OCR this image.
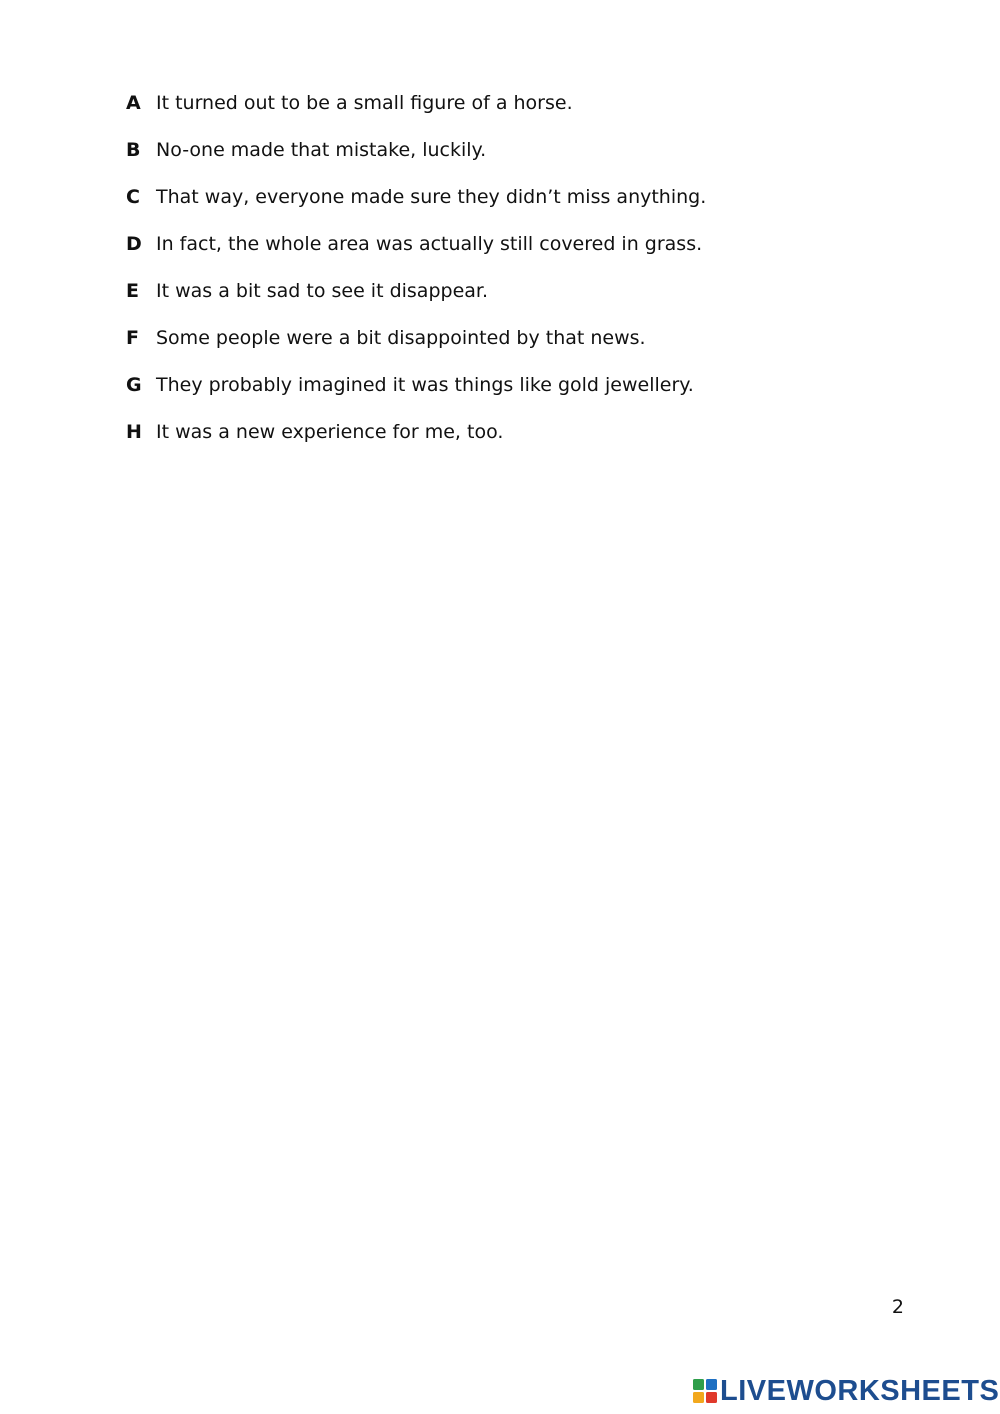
A It turned out to be a small figure of a horse.
B No-one made that mistake, luckily.
C That way, everyone made sure they didn’t miss anything.
D In fact, the whole area was actually still covered in grass.
E It was a bit sad to see it disappear.
F Some people were a bit disappointed by that news.
G They probably imagined it was things like gold jewellery.
H It was a new experience for me, too.
2
LIVEWORKSHEETS
